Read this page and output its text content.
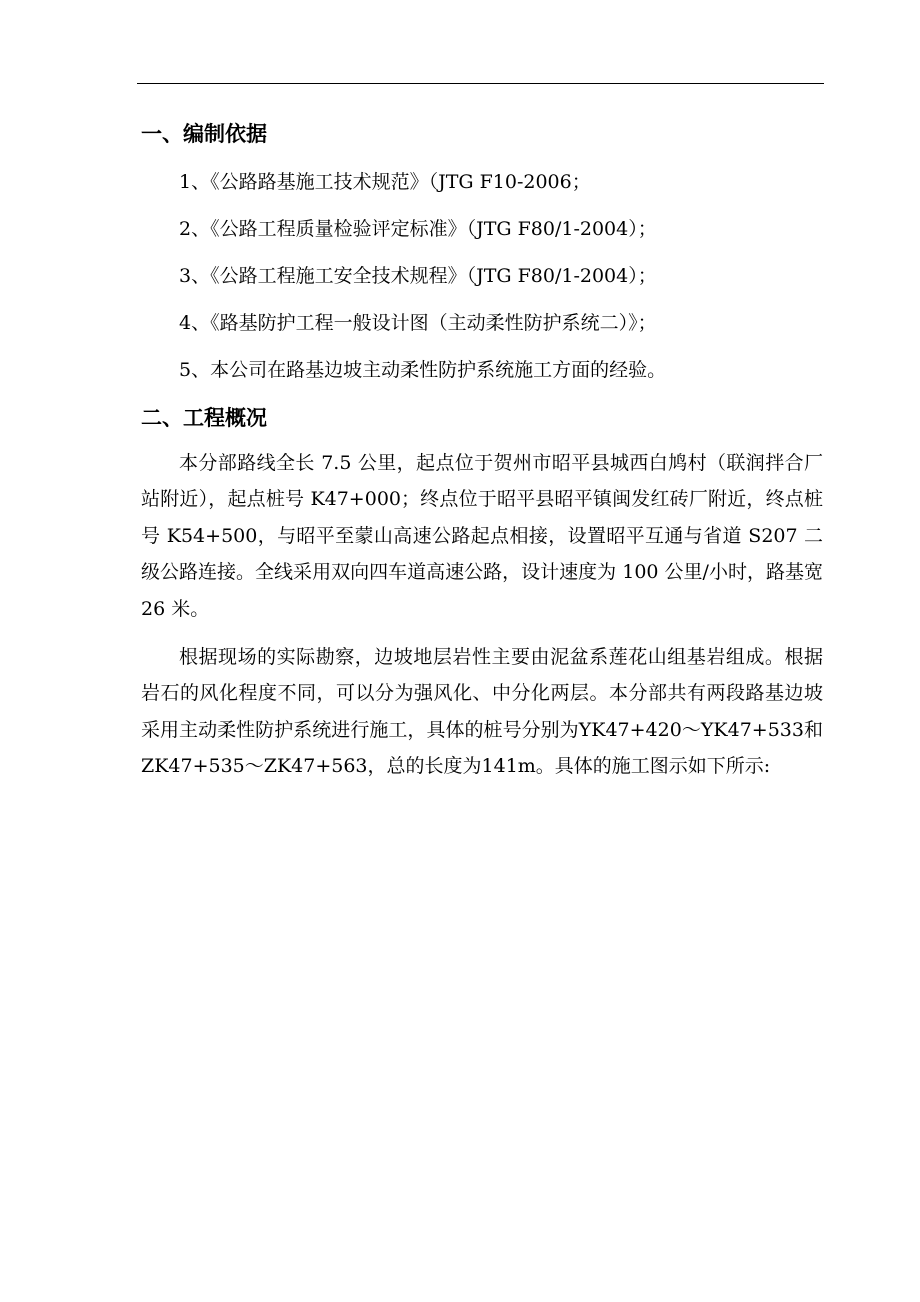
一、编制依据

1、《公路路基施工技术规范》（JTG F10-2006；

2、《公路工程质量检验评定标准》（JTG F80/1-2004）；

3、《公路工程施工安全技术规程》（JTG F80/1-2004）；

4、《路基防护工程一般设计图（主动柔性防护系统二）》；

5、本公司在路基边坡主动柔性防护系统施工方面的经验。

二、工程概况

本分部路线全长 7.5 公里，起点位于贺州市昭平县城西白鸠村（联润拌合厂站附近），起点桩号 K47+000；终点位于昭平县昭平镇闽发红砖厂附近，终点桩号 K54+500，与昭平至蒙山高速公路起点相接，设置昭平互通与省道 S207 二级公路连接。全线采用双向四车道高速公路，设计速度为 100 公里/小时，路基宽 26 米。

根据现场的实际勘察，边坡地层岩性主要由泥盆系莲花山组基岩组成。根据岩石的风化程度不同，可以分为强风化、中分化两层。本分部共有两段路基边坡采用主动柔性防护系统进行施工，具体的桩号分别为YK47+420～YK47+533和ZK47+535～ZK47+563，总的长度为141m。具体的施工图示如下所示:
